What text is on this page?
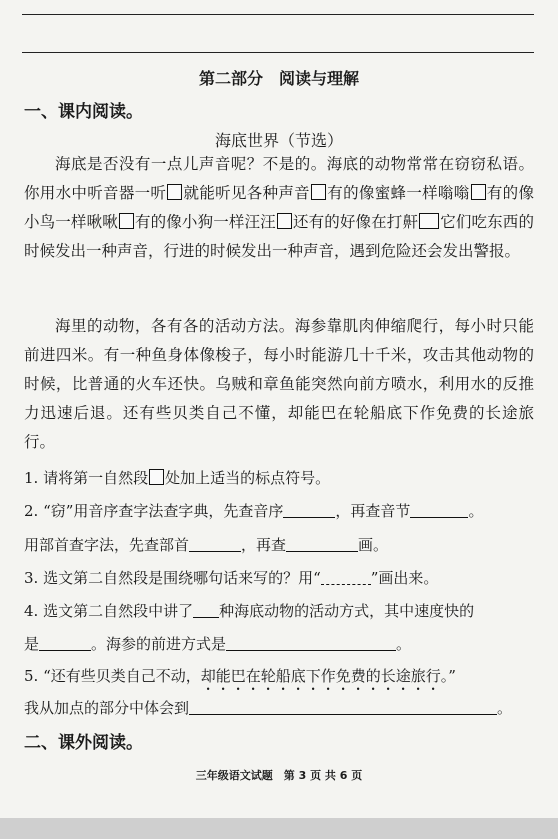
第二部分　阅读与理解
一、课内阅读。
海底世界（节选）

海底是否没有一点儿声音呢？不是的。海底的动物常常在窃窃私语。你用水中听音器一听 就能听见各种声音 有的像蜜蜂一样嗡嗡 有的像小鸟一样啾啾 有的像小狗一样汪汪 还有的好像在打鼾 它们吃东西的时候发出一种声音，行进的时候发出一种声音，遇到危险还会发出警报。

海里的动物，各有各的活动方法。海参靠肌肉伸缩爬行，每小时只能前进四米。有一种鱼身体像梭子，每小时能游几十千米，攻击其他动物的时候，比普通的火车还快。乌贼和章鱼能突然向前方喷水，利用水的反推力迅速后退。还有些贝类自己不懂，却能巴在轮船底下作免费的长途旅行。

1. 请将第一自然段 处加上适当的标点符号。
2. “窃”用音序查字法查字典，先查音序	，再查音节	。
用部首查字法，先查部首	，再查	画。
3. 选文第二自然段是围绕哪句话来写的？用“	”画出来。
4. 选文第二自然段中讲了 种海底动物的活动方式，其中速度快的
是	。海参的前进方式是	。
5. “还有些贝类自己不动，却能巴在轮船底下作免费的长途旅行。”
我从加点的部分中体会到	。
二、课外阅读。
三年级语文试题　第 3 页 共 6 页
